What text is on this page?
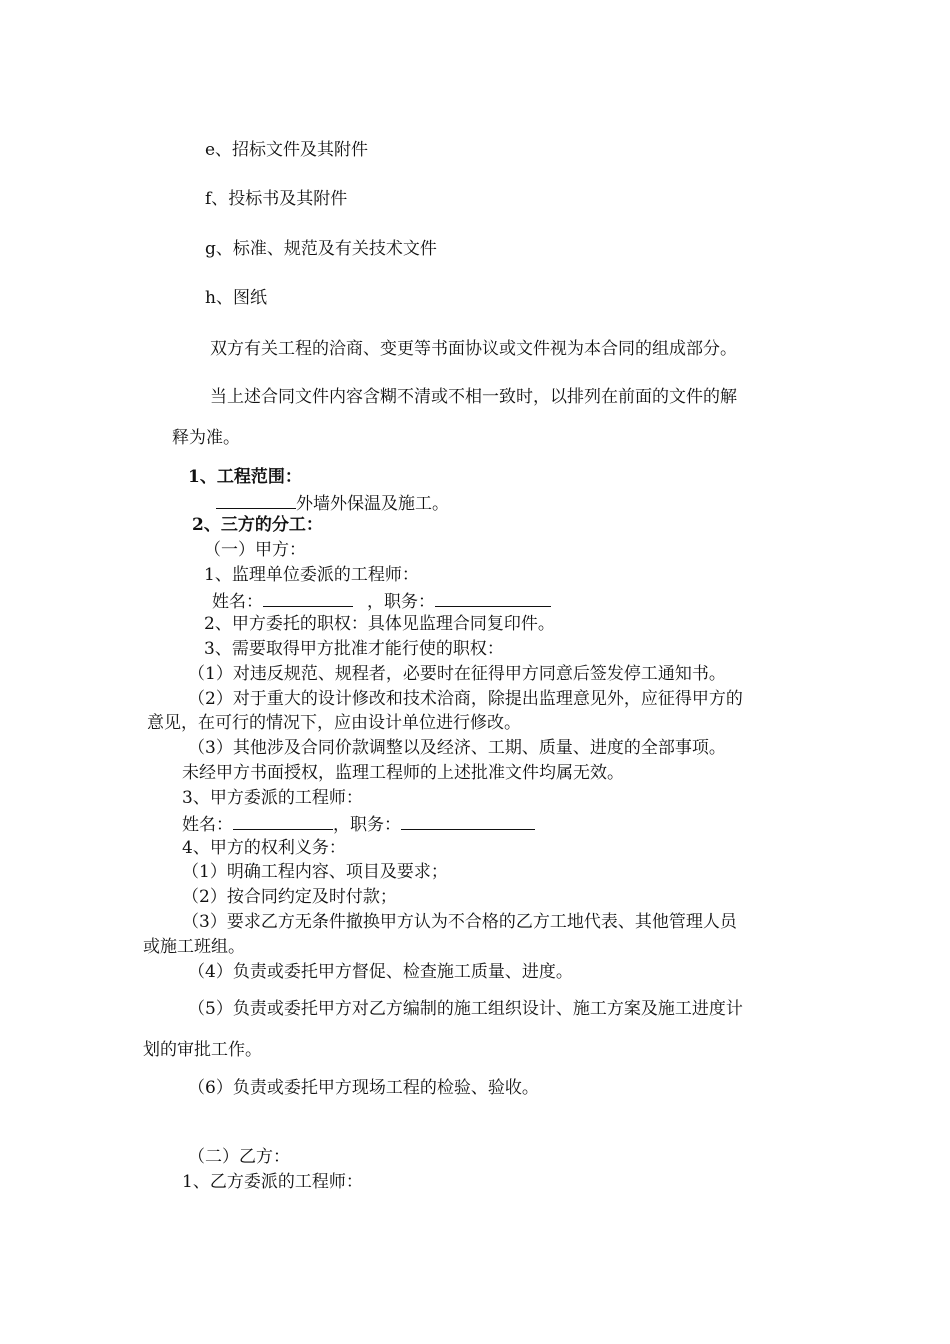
e、招标文件及其附件
f、投标书及其附件
g、标准、规范及有关技术文件
h、图纸
双方有关工程的洽商、变更等书面协议或文件视为本合同的组成部分。
当上述合同文件内容含糊不清或不相一致时，以排列在前面的文件的解
释为准。
1、工程范围：
外墙外保温及施工。
2、三方的分工：
（一）甲方：
1、监理单位委派的工程师：
姓名：	，职务：
2、甲方委托的职权：具体见监理合同复印件。
3、需要取得甲方批准才能行使的职权：
（1）对违反规范、规程者，必要时在征得甲方同意后签发停工通知书。
（2）对于重大的设计修改和技术洽商，除提出监理意见外，应征得甲方的
意见，在可行的情况下，应由设计单位进行修改。
（3）其他涉及合同价款调整以及经济、工期、质量、进度的全部事项。
未经甲方书面授权，监理工程师的上述批准文件均属无效。
3、甲方委派的工程师：
姓名：	，职务：
4、甲方的权利义务：
（1）明确工程内容、项目及要求；
（2）按合同约定及时付款；
（3）要求乙方无条件撤换甲方认为不合格的乙方工地代表、其他管理人员
或施工班组。
（4）负责或委托甲方督促、检查施工质量、进度。
（5）负责或委托甲方对乙方编制的施工组织设计、施工方案及施工进度计
划的审批工作。
（6）负责或委托甲方现场工程的检验、验收。
（二）乙方：
1、乙方委派的工程师：
